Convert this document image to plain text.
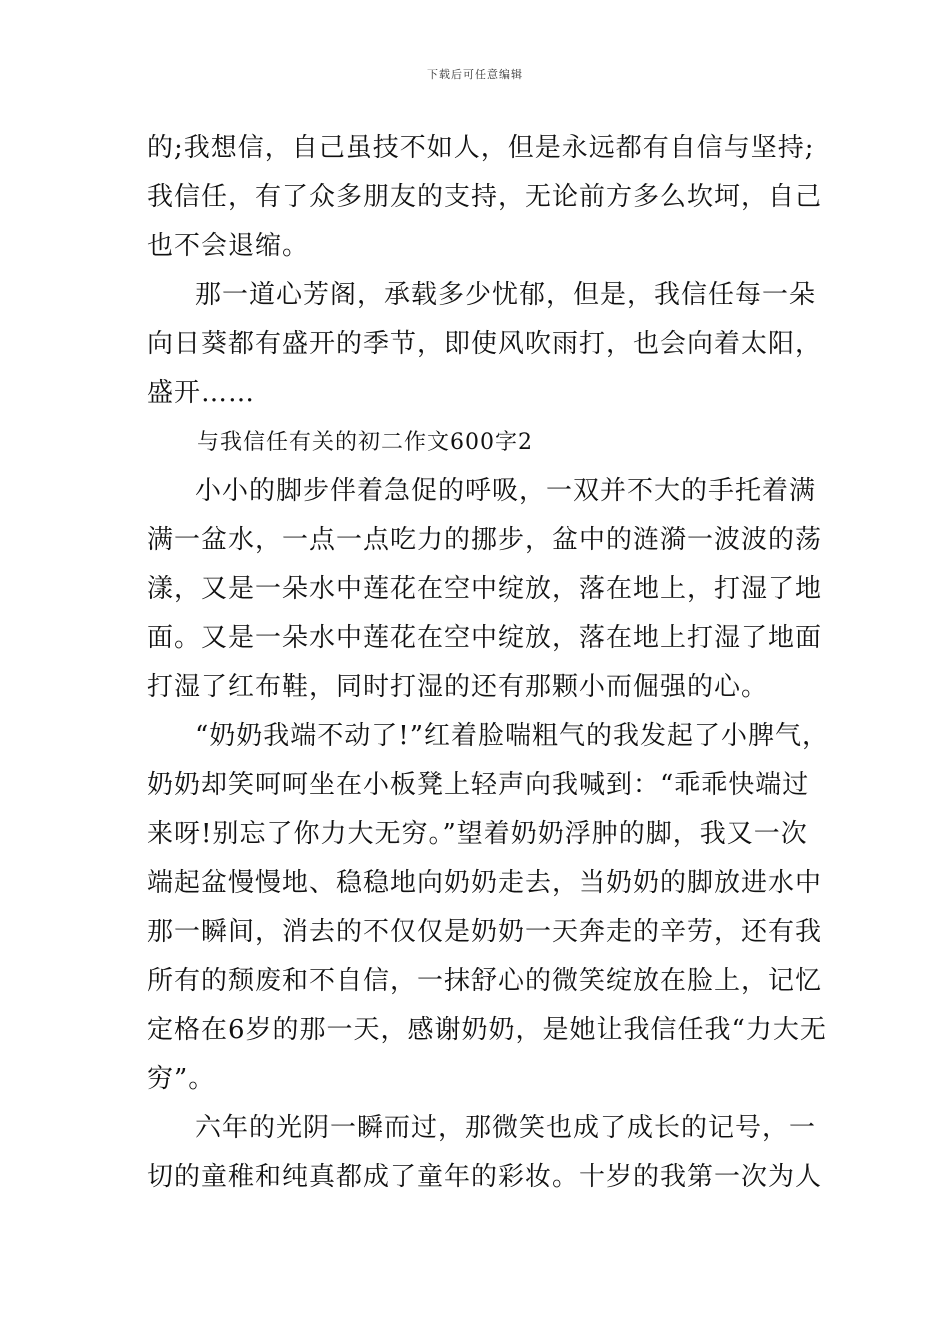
下载后可任意编辑
的;我想信，自己虽技不如人，但是永远都有自信与坚持;
我信任，有了众多朋友的支持，无论前方多么坎坷，自己
也不会退缩。
那一道心芳阁，承载多少忧郁，但是，我信任每一朵
向日葵都有盛开的季节，即使风吹雨打，也会向着太阳，
盛开……
与我信任有关的初二作文600字2
小小的脚步伴着急促的呼吸，一双并不大的手托着满
满一盆水，一点一点吃力的挪步，盆中的涟漪一波波的荡
漾，又是一朵水中莲花在空中绽放，落在地上，打湿了地
面。又是一朵水中莲花在空中绽放，落在地上打湿了地面
打湿了红布鞋，同时打湿的还有那颗小而倔强的心。
“奶奶我端不动了!”红着脸喘粗气的我发起了小脾气，
奶奶却笑呵呵坐在小板凳上轻声向我喊到：“乖乖快端过
来呀!别忘了你力大无穷。”望着奶奶浮肿的脚，我又一次
端起盆慢慢地、稳稳地向奶奶走去，当奶奶的脚放进水中
那一瞬间，消去的不仅仅是奶奶一天奔走的辛劳，还有我
所有的颓废和不自信，一抹舒心的微笑绽放在脸上，记忆
定格在6岁的那一天，感谢奶奶，是她让我信任我“力大无
穷”。
六年的光阴一瞬而过，那微笑也成了成长的记号，一
切的童稚和纯真都成了童年的彩妆。十岁的我第一次为人
